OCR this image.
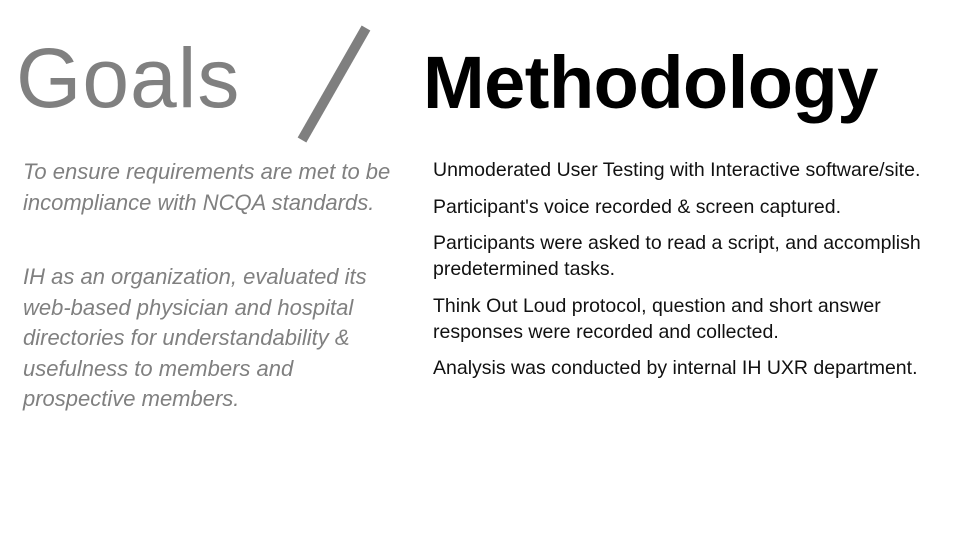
Goals Methodology

To ensure requirements are met to be incompliance with NCQA standards.

IH as an organization, evaluated its web-based physician and hospital directories for understandability & usefulness to members and prospective members.

Unmoderated User Testing with Interactive software/site.

Participant's voice recorded & screen captured.

Participants were asked to read a script, and accomplish predetermined tasks.

Think Out Loud protocol, question and short answer responses were recorded and collected.

Analysis was conducted by internal IH UXR department.
